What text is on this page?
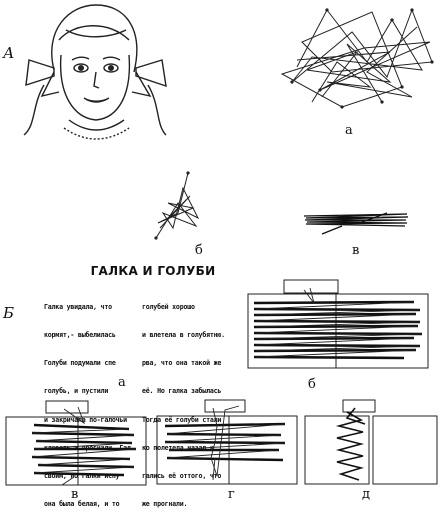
А
Б
а
б	в
ГАЛКА И ГОЛУБИ

Галка увидала, что

кормят,- выбелилась

Голуби подумали спе

голубь, и пустили

и закричала по-галочьи

клевать и прогнали. Гал

своим, но галки испу

она была белая, и то

голубей хорошо

и влетела в голубятню.

рва, что она такой же

её. Но галка забылась

Тогда её голуби стали

ко полетела назад к

гались её оттого, что

же прогнали.

а	б
в	г	д
